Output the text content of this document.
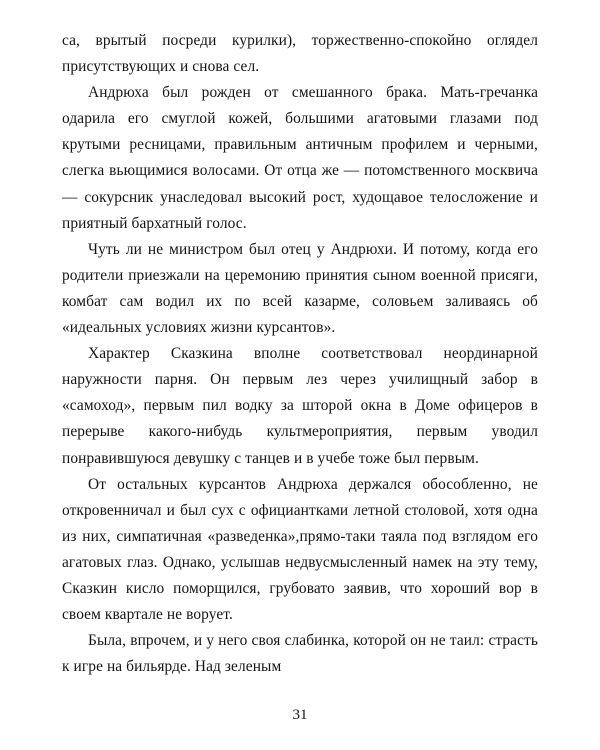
са, врытый посреди курилки), торжественно-спокойно оглядел присутствующих и снова сел.

Андрюха был рожден от смешанного брака. Мать-гречанка одарила его смуглой кожей, большими агатовыми глазами под крутыми ресницами, правильным античным профилем и черными, слегка вьющимися волосами. От отца же — потомственного москвича — сокурсник унаследовал высокий рост, худощавое телосложение и приятный бархатный голос.

Чуть ли не министром был отец у Андрюхи. И потому, когда его родители приезжали на церемонию принятия сыном военной присяги, комбат сам водил их по всей казарме, соловьем заливаясь об «идеальных условиях жизни курсантов».

Характер Сказкина вполне соответствовал неординарной наружности парня. Он первым лез через училищный забор в «самоход», первым пил водку за шторой окна в Доме офицеров в перерыве какого-нибудь культмероприятия, первым уводил понравившуюся девушку с танцев и в учебе тоже был первым.

От остальных курсантов Андрюха держался обособленно, не откровенничал и был сух с официантками летной столовой, хотя одна из них, симпатичная «разведенка»,прямо-таки таяла под взглядом его агатовых глаз. Однако, услышав недвусмысленный намек на эту тему, Сказкин кисло поморщился, грубовато заявив, что хороший вор в своем квартале не ворует.

Была, впрочем, и у него своя слабинка, которой он не таил: страсть к игре на бильярде. Над зеленым

31
